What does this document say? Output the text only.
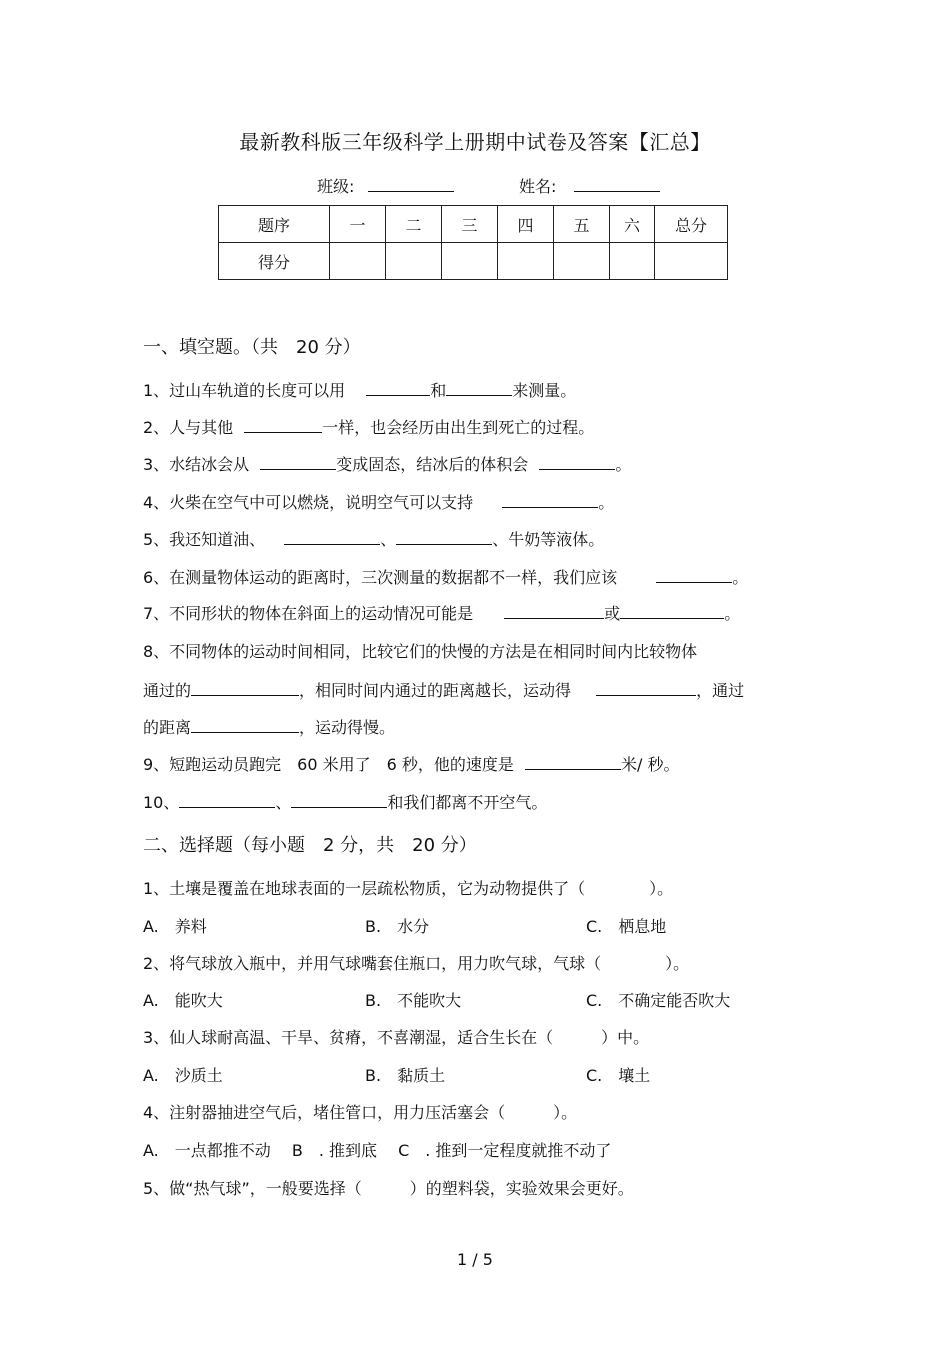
最新教科版三年级科学上册期中试卷及答案【汇总】
班级:	姓名:
题序	一	二	三	四	五	六	总分
得分							
一、填空题。（共　20 分）
1、过山车轨道的长度可以用	和	来测量。
2、人与其他	一样，也会经历由出生到死亡的过程。
3、水结冰会从	变成固态，结冰后的体积会	。
4、火柴在空气中可以燃烧，说明空气可以支持	。
5、我还知道油、	、	、牛奶等液体。
6、在测量物体运动的距离时，三次测量的数据都不一样，我们应该	。
7、不同形状的物体在斜面上的运动情况可能是	或	。
8、不同物体的运动时间相同，比较它们的快慢的方法是在相同时间内比较物体
通过的	，相同时间内通过的距离越长，运动得	，通过
的距离	，运动得慢。
9、短跑运动员跑完　60 米用了　6 秒，他的速度是	米/ 秒。
10、	、	和我们都离不开空气。
二、选择题（每小题　2 分，共　20 分）
1、土壤是覆盖在地球表面的一层疏松物质，它为动物提供了（　　　　）。
A.　养料	B.　水分	C.　栖息地
2、将气球放入瓶中，并用气球嘴套住瓶口，用力吹气球，气球（　　　　）。
A.　能吹大	B.　不能吹大	C.　不确定能否吹大
3、仙人球耐高温、干旱、贫瘠，不喜潮湿，适合生长在（　　　）中。
A.　沙质土	B.　黏质土	C.　壤土
4、注射器抽进空气后，堵住管口，用力压活塞会（　　　）。
A.　一点都推不动　 B　. 推到底　 C　. 推到一定程度就推不动了
5、做“热气球”，一般要选择（　　　）的塑料袋，实验效果会更好。
1 / 5
